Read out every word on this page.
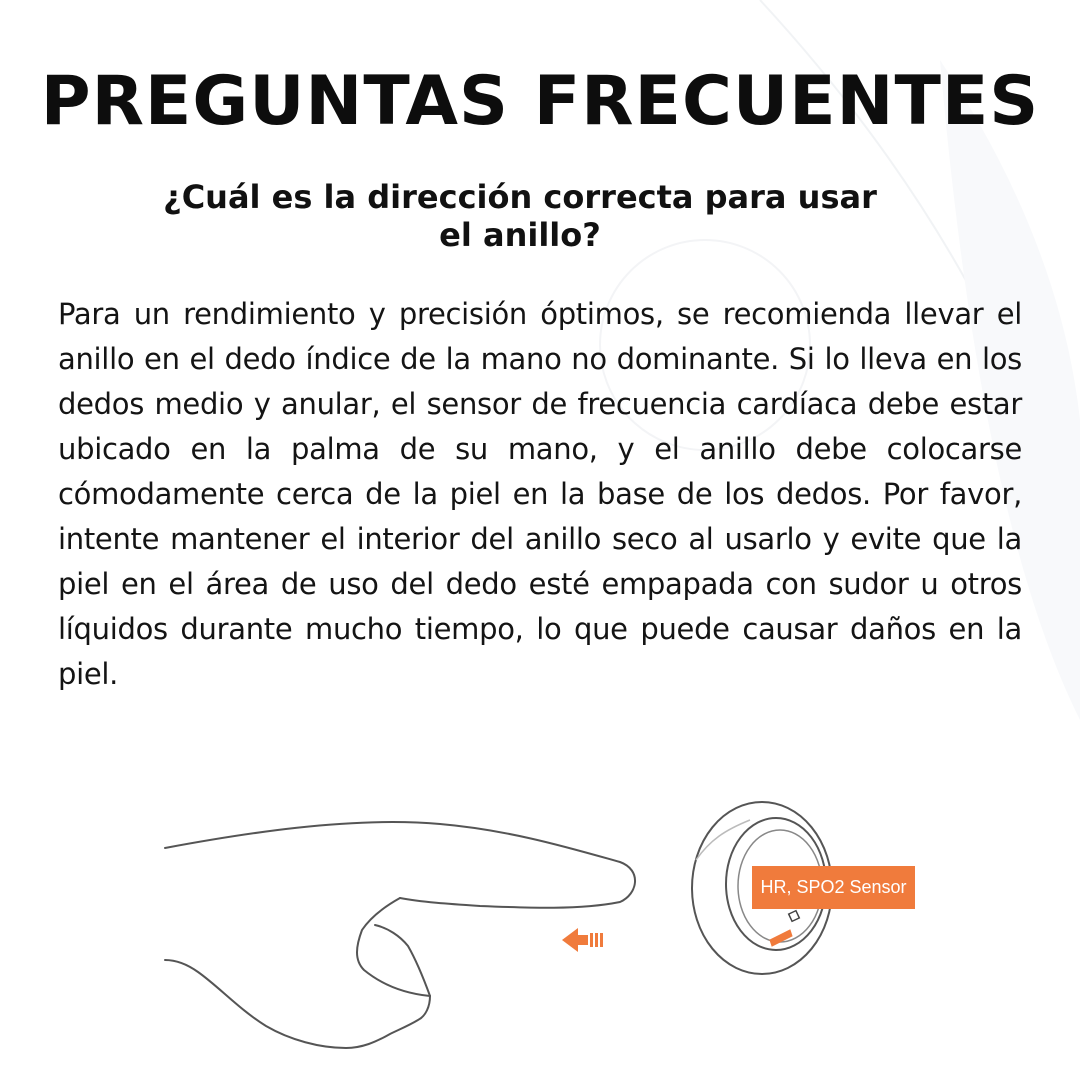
PREGUNTAS FRECUENTES
¿Cuál es la dirección correcta para usar el anillo?
Para un rendimiento y precisión óptimos, se recomienda llevar el anillo en el dedo índice de la mano no dominante. Si lo lleva en los dedos medio y anular, el sensor de frecuencia cardíaca debe estar ubicado en la palma de su mano, y el anillo debe colocarse cómodamente cerca de la piel en la base de los dedos. Por favor, intente mantener el interior del anillo seco al usarlo y evite que la piel en el área de uso del dedo esté empapada con sudor u otros líquidos durante mucho tiempo, lo que puede causar daños en la piel.
HR, SPO2 Sensor
